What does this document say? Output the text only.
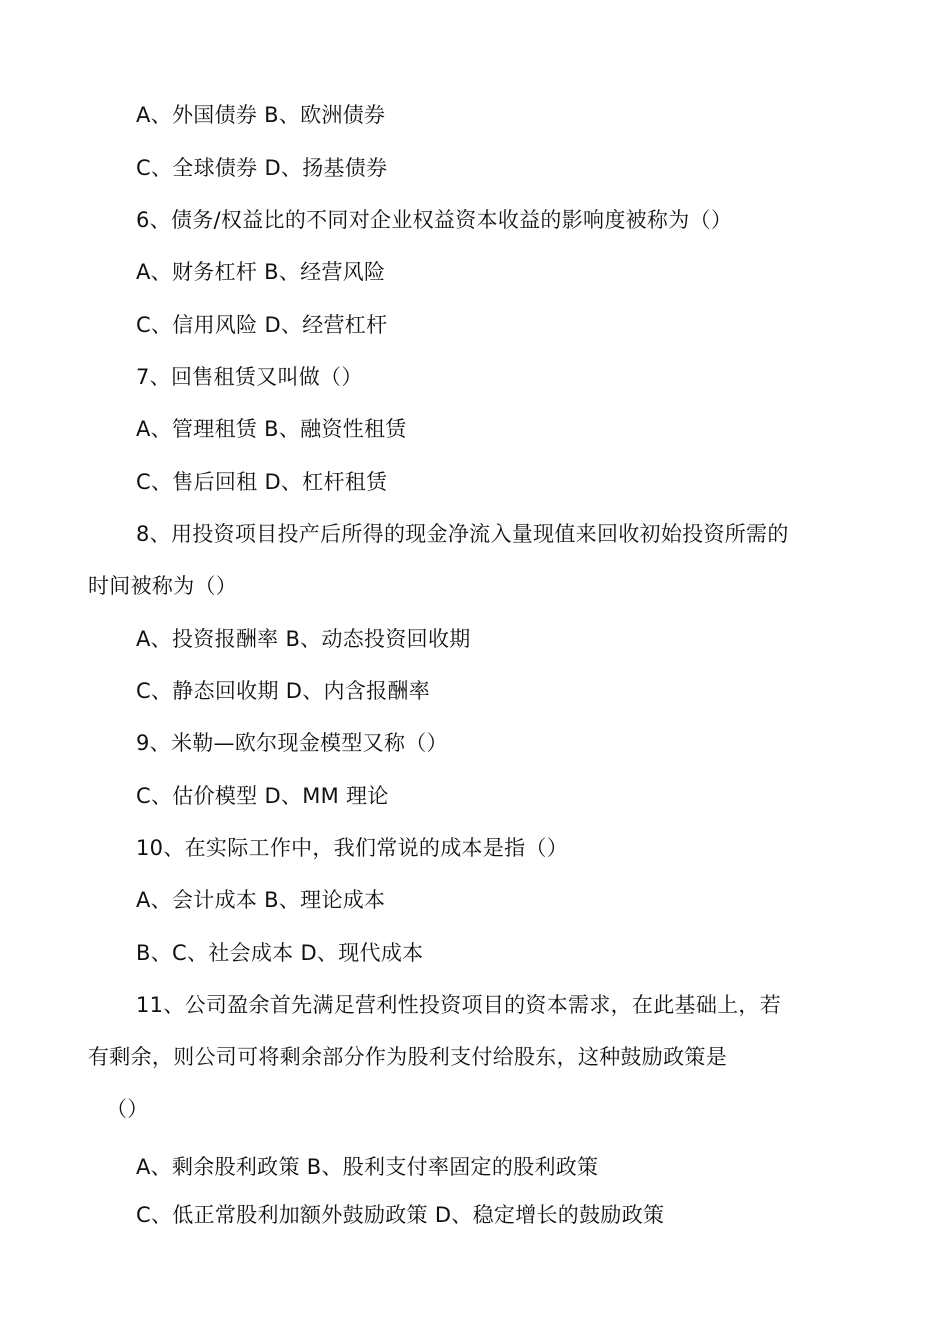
A、外国债券 B、欧洲债券
C、全球债券 D、扬基债券
6、债务/权益比的不同对企业权益资本收益的影响度被称为（）
A、财务杠杆 B、经营风险
C、信用风险 D、经营杠杆
7、回售租赁又叫做（）
A、管理租赁 B、融资性租赁
C、售后回租 D、杠杆租赁
8、用投资项目投产后所得的现金净流入量现值来回收初始投资所需的
时间被称为（）
A、投资报酬率 B、动态投资回收期
C、静态回收期 D、内含报酬率
9、米勒—欧尔现金模型又称（）
C、估价模型 D、MM 理论
10、在实际工作中，我们常说的成本是指（）
A、会计成本 B、理论成本
B、C、社会成本 D、现代成本
11、公司盈余首先满足营利性投资项目的资本需求，在此基础上，若
有剩余，则公司可将剩余部分作为股利支付给股东，这种鼓励政策是
（）
A、剩余股利政策 B、股利支付率固定的股利政策
C、低正常股利加额外鼓励政策 D、稳定增长的鼓励政策
